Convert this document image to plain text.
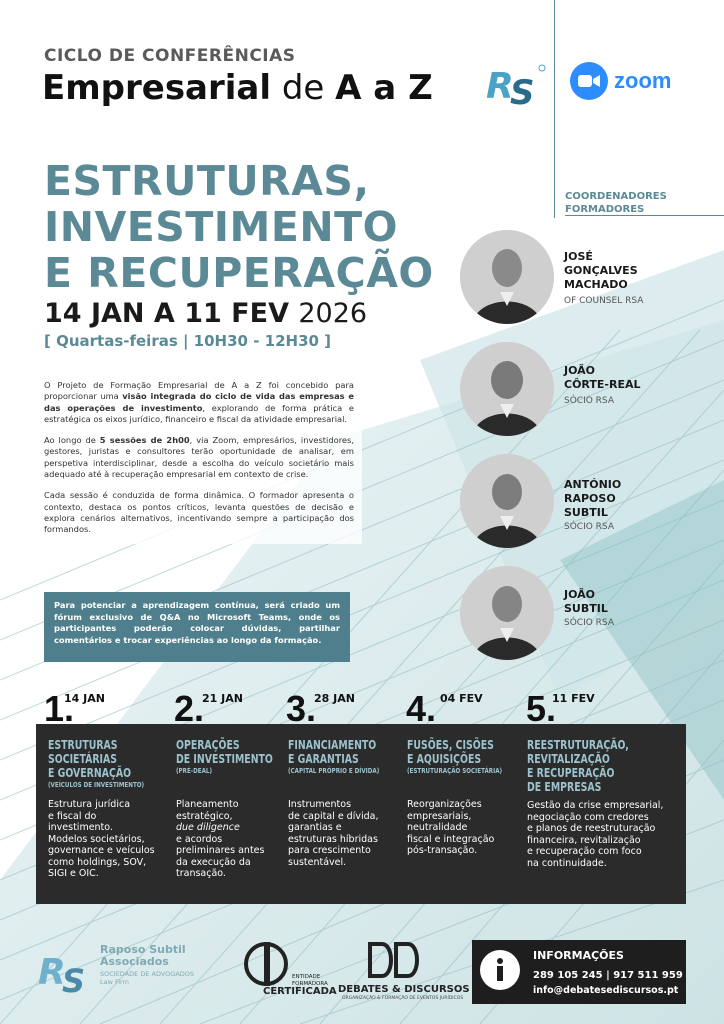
CICLO DE CONFERÊNCIAS
Empresarial de A a Z R
S	zoom
ESTRUTURAS,
INVESTIMENTO
E RECUPERAÇÃO
14 JAN A 11 FEV 2026
[ Quartas-feiras | 10H30 - 12H30 ]
COORDENADORES
FORMADORES
JOSÉ
GONÇALVES
MACHADO
OF COUNSEL RSA
JOÃO
CÔRTE-REAL
SÓCIO RSA
ANTÓNIO
RAPOSO
SUBTIL
SÓCIO RSA
JOÃO
SUBTIL
SÓCIO RSA

O Projeto de Formação Empresarial de A a Z foi concebido para proporcionar uma visão integrada do ciclo de vida das empresas e das operações de investimento, explorando de forma prática e estratégica os eixos jurídico, financeiro e fiscal da atividade empresarial.

Ao longo de 5 sessões de 2h00, via Zoom, empresários, investidores, gestores, juristas e consultores terão oportunidade de analisar, em perspetiva interdisciplinar, desde a escolha do veículo societário mais adequado até à recuperação empresarial em contexto de crise.

Cada sessão é conduzida de forma dinâmica. O formador apresenta o contexto, destaca os pontos críticos, levanta questões de decisão e explora cenários alternativos, incentivando sempre a participação dos formandos.

Para potenciar a aprendizagem contínua, será criado um fórum exclusivo de Q&A no Microsoft Teams, onde os participantes poderão colocar dúvidas, partilhar comentários e trocar experiências ao longo da formação.
1.
14 JAN 2.
21 JAN 3.
28 JAN 4. 04 FEV 5.
11 FEV
ESTRUTURAS
SOCIETÁRIAS
E GOVERNAÇÃO
(VEÍCULOS DE INVESTIMENTO)
Estrutura jurídica
e fiscal do
investimento.
Modelos societários,
governance e veículos
como holdings, SOV,
SIGI e OIC.
OPERAÇÕES
DE INVESTIMENTO
(PRÉ-DEAL)
Planeamento
estratégico,
due diligence
e acordos
preliminares antes
da execução da
transação.
FINANCIAMENTO
E GARANTIAS
(CAPITAL PRÓPRIO E DÍVIDA)
Instrumentos
de capital e dívida,
garantias e
estruturas híbridas
para crescimento
sustentável.
FUSÕES, CISÕES
E AQUISIÇÕES
(ESTRUTURAÇÃO SOCIETÁRIA)
Reorganizações
empresariais,
neutralidade
fiscal e integração
pós-transação.
REESTRUTURAÇÃO,
REVITALIZAÇÃO
E RECUPERAÇÃO
DE EMPRESAS
Gestão da crise empresarial,
negociação com credores
e planos de reestruturação
financeira, revitalização
e recuperação com foco
na continuidade.
R
S
Raposo Subtil
Associados
SOCIEDADE DE ADVOGADOS
Law Firm
ENTIDADE
FORMADORA
CERTIFICADA DEBATES & DISCURSOS
ORGANIZAÇÃO & FORMAÇÃO DE EVENTOS JURÍDICOS
INFORMAÇÕES
289 105 245 | 917 511 959
info@debatesediscursos.pt
